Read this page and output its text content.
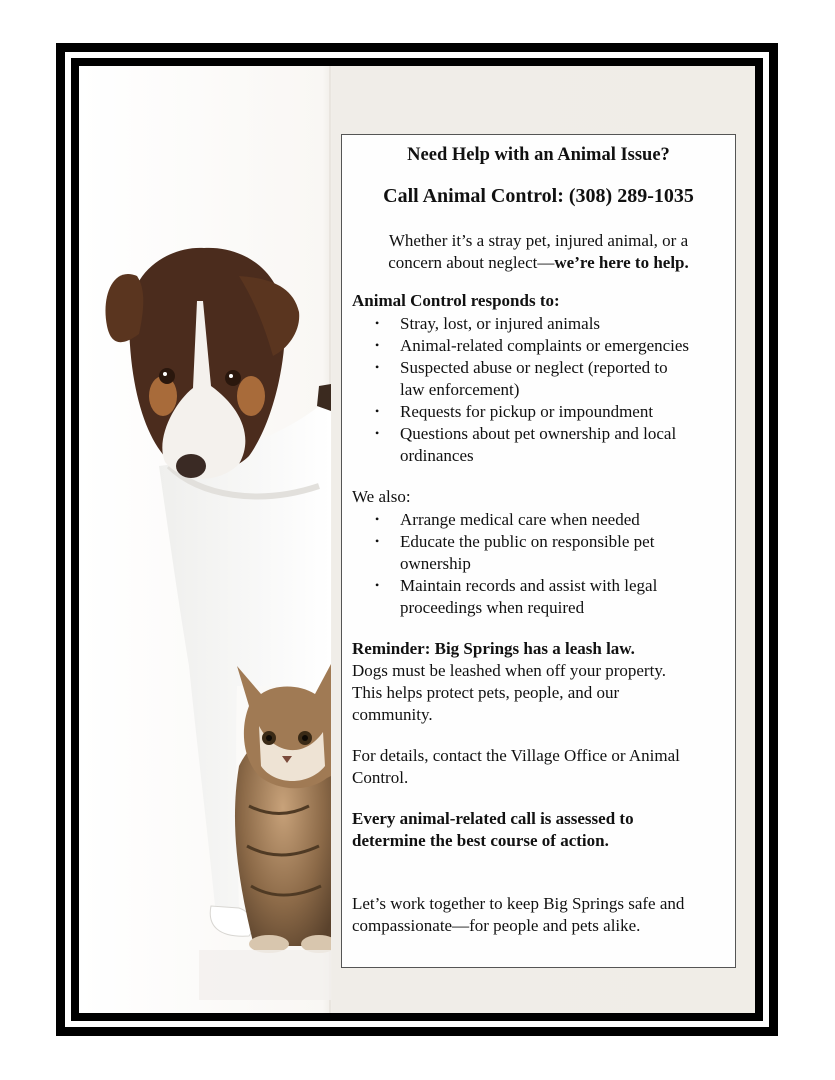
Need Help with an Animal Issue?

Call Animal Control: (308) 289-1035

Whether it’s a stray pet, injured animal, or a

concern about neglect—we’re here to help.

Animal Control responds to:

• Stray, lost, or injured animals

• Animal-related complaints or emergencies

• Suspected abuse or neglect (reported to

law enforcement)

• Requests for pickup or impoundment

• Questions about pet ownership and local

ordinances

We also:

• Arrange medical care when needed

• Educate the public on responsible pet

ownership

• Maintain records and assist with legal

proceedings when required

Reminder: Big Springs has a leash law.

Dogs must be leashed when off your property.

This helps protect pets, people, and our

community.

For details, contact the Village Office or Animal

Control.

Every animal-related call is assessed to

determine the best course of action.

Let’s work together to keep Big Springs safe and

compassionate—for people and pets alike.
